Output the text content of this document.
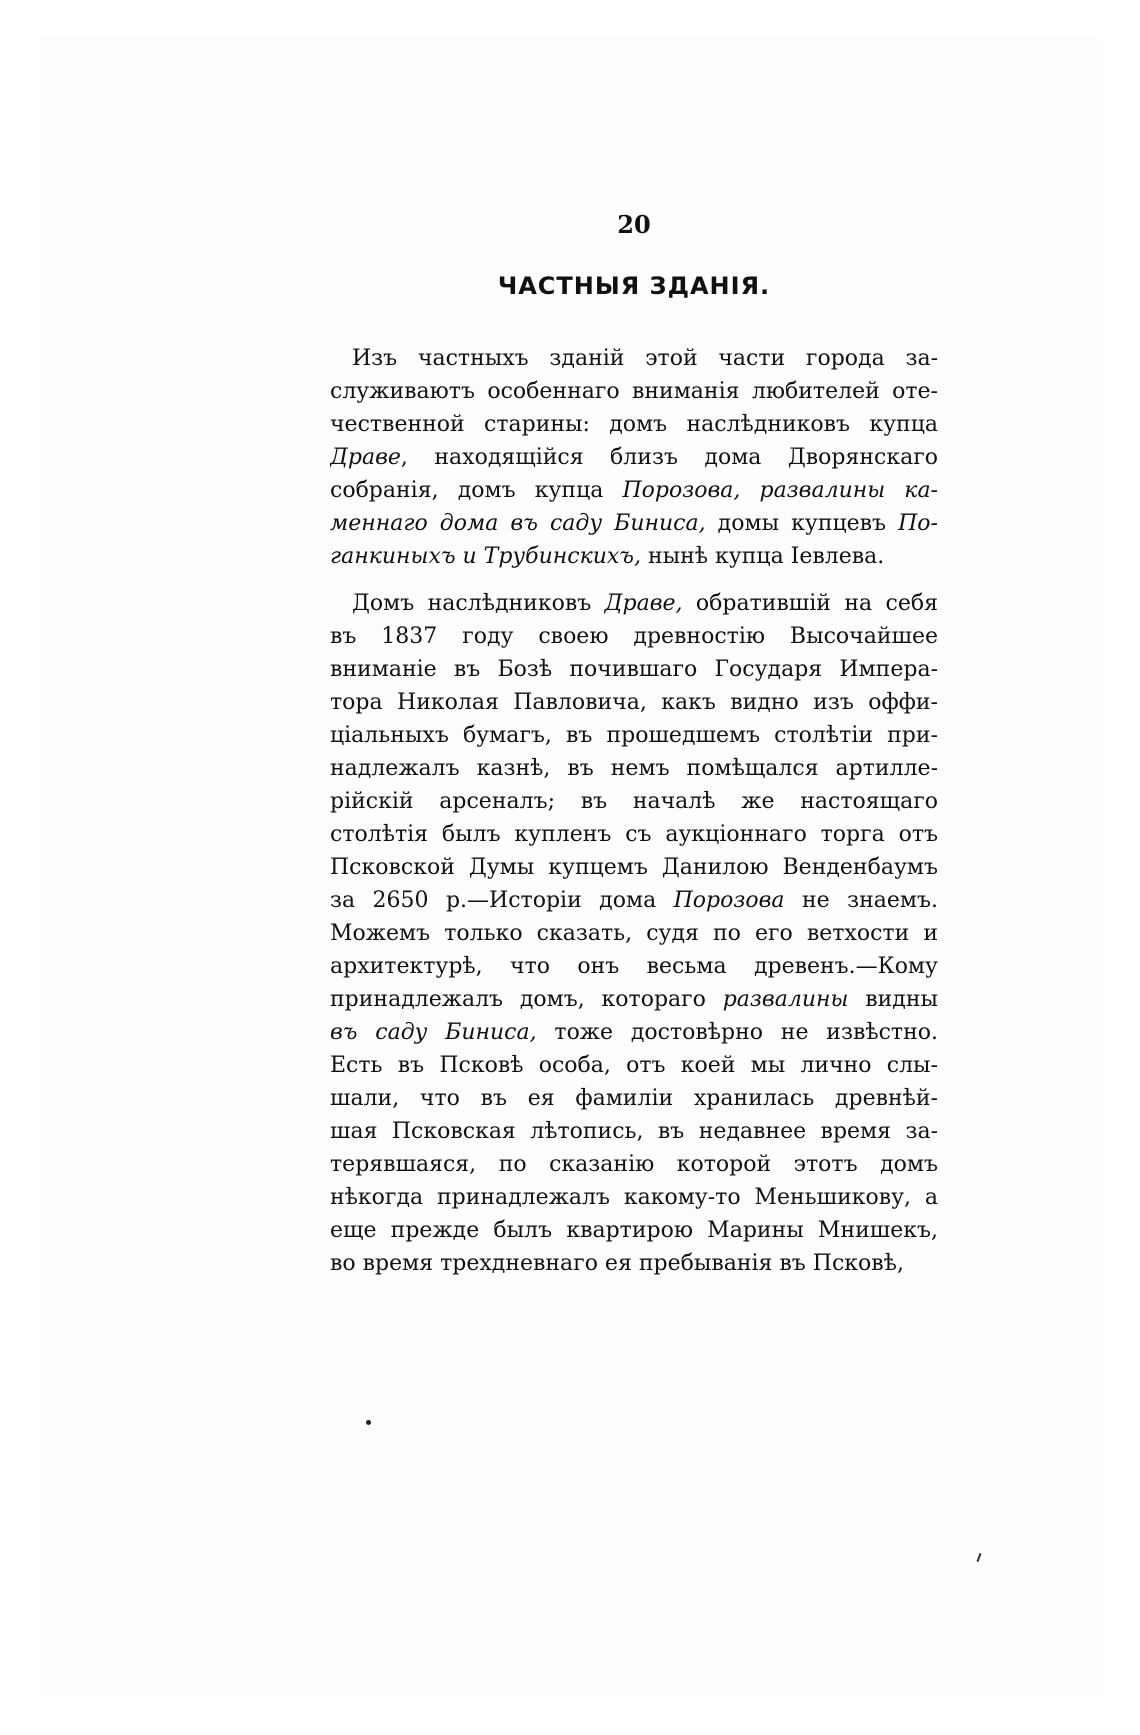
20
ЧАСТНЫЯ ЗДАНІЯ.
Изъ частныхъ зданій этой части города за-
служиваютъ особеннаго вниманія любителей оте-
чественной старины: домъ наслѣдниковъ купца
Драве, находящійся близъ дома Дворянскаго
собранія, домъ купца Порозова, развалины ка-
меннаго дома въ саду Биниса, домы купцевъ По-
ганкиныхъ и Трубинскихъ, нынѣ купца Іевлева.
Домъ наслѣдниковъ Драве, обратившій на себя
въ 1837 году своею древностію Высочайшее
вниманіе въ Бозѣ почившаго Государя Импера-
тора Николая Павловича, какъ видно изъ оффи-
ціальныхъ бумагъ, въ прошедшемъ столѣтіи при-
надлежалъ казнѣ, въ немъ помѣщался артилле-
рійскій арсеналъ; въ началѣ же настоящаго
столѣтія былъ купленъ съ аукціоннаго торга отъ
Псковской Думы купцемъ Данилою Венденбаумъ
за 2650 р.—Исторіи дома Порозова не знаемъ.
Можемъ только сказать, судя по его ветхости и
архитектурѣ, что онъ весьма древенъ.—Кому
принадлежалъ домъ, котораго развалины видны
въ саду Биниса, тоже достовѣрно не извѣстно.
Есть въ Псковѣ особа, отъ коей мы лично слы-
шали, что въ ея фамиліи хранилась древнѣй-
шая Псковская лѣтопись, въ недавнее время за-
терявшаяся, по сказанію которой этотъ домъ
нѣкогда принадлежалъ какому-то Меньшикову, а
еще прежде былъ квартирою Марины Мнишекъ,
во время трехдневнаго ея пребыванія въ Псковѣ,
